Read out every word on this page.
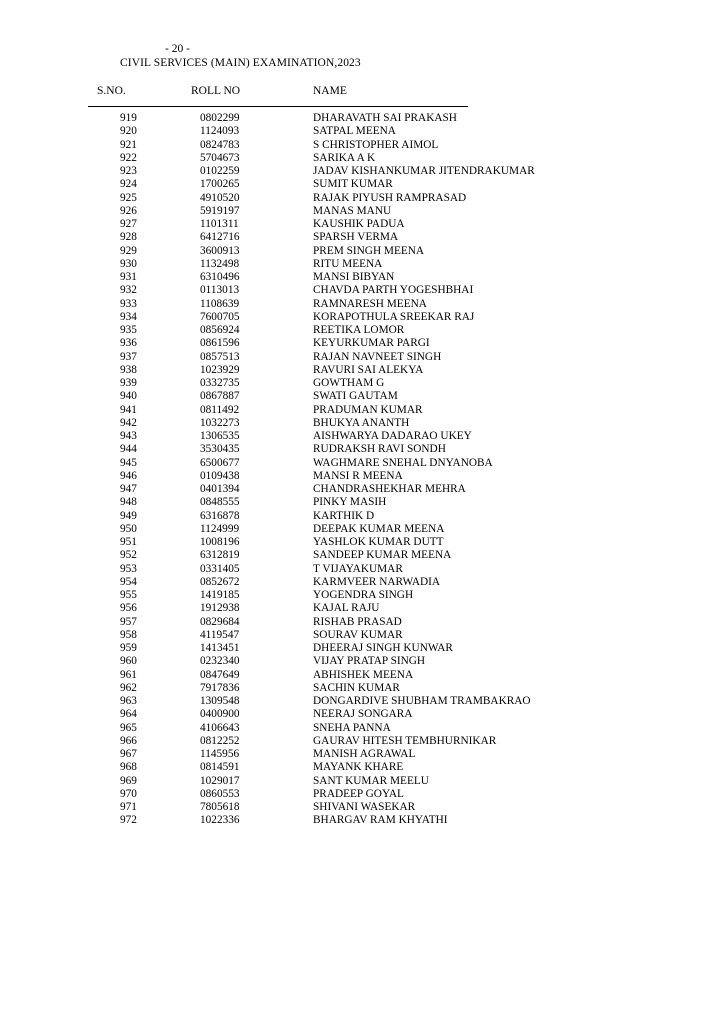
- 20 -
CIVIL SERVICES (MAIN) EXAMINATION,2023
S.NO.	ROLL NO	NAME
919	0802299	DHARAVATH SAI PRAKASH
920	1124093	SATPAL MEENA
921	0824783	S CHRISTOPHER AIMOL
922	5704673	SARIKA A K
923	0102259	JADAV KISHANKUMAR JITENDRAKUMAR
924	1700265	SUMIT KUMAR
925	4910520	RAJAK PIYUSH RAMPRASAD
926	5919197	MANAS MANU
927	1101311	KAUSHIK PADUA
928	6412716	SPARSH VERMA
929	3600913	PREM SINGH MEENA
930	1132498	RITU MEENA
931	6310496	MANSI BIBYAN
932	0113013	CHAVDA PARTH YOGESHBHAI
933	1108639	RAMNARESH MEENA
934	7600705	KORAPOTHULA SREEKAR RAJ
935	0856924	REETIKA LOMOR
936	0861596	KEYURKUMAR PARGI
937	0857513	RAJAN NAVNEET SINGH
938	1023929	RAVURI SAI ALEKYA
939	0332735	GOWTHAM G
940	0867887	SWATI GAUTAM
941	0811492	PRADUMAN KUMAR
942	1032273	BHUKYA ANANTH
943	1306535	AISHWARYA DADARAO UKEY
944	3530435	RUDRAKSH RAVI SONDH
945	6500677	WAGHMARE SNEHAL DNYANOBA
946	0109438	MANSI R MEENA
947	0401394	CHANDRASHEKHAR MEHRA
948	0848555	PINKY MASIH
949	6316878	KARTHIK D
950	1124999	DEEPAK KUMAR MEENA
951	1008196	YASHLOK KUMAR DUTT
952	6312819	SANDEEP KUMAR MEENA
953	0331405	T VIJAYAKUMAR
954	0852672	KARMVEER NARWADIA
955	1419185	YOGENDRA SINGH
956	1912938	KAJAL RAJU
957	0829684	RISHAB PRASAD
958	4119547	SOURAV KUMAR
959	1413451	DHEERAJ SINGH KUNWAR
960	0232340	VIJAY PRATAP SINGH
961	0847649	ABHISHEK MEENA
962	7917836	SACHIN KUMAR
963	1309548	DONGARDIVE SHUBHAM TRAMBAKRAO
964	0400900	NEERAJ SONGARA
965	4106643	SNEHA PANNA
966	0812252	GAURAV HITESH TEMBHURNIKAR
967	1145956	MANISH AGRAWAL
968	0814591	MAYANK KHARE
969	1029017	SANT KUMAR MEELU
970	0860553	PRADEEP GOYAL
971	7805618	SHIVANI WASEKAR
972	1022336	BHARGAV RAM KHYATHI
